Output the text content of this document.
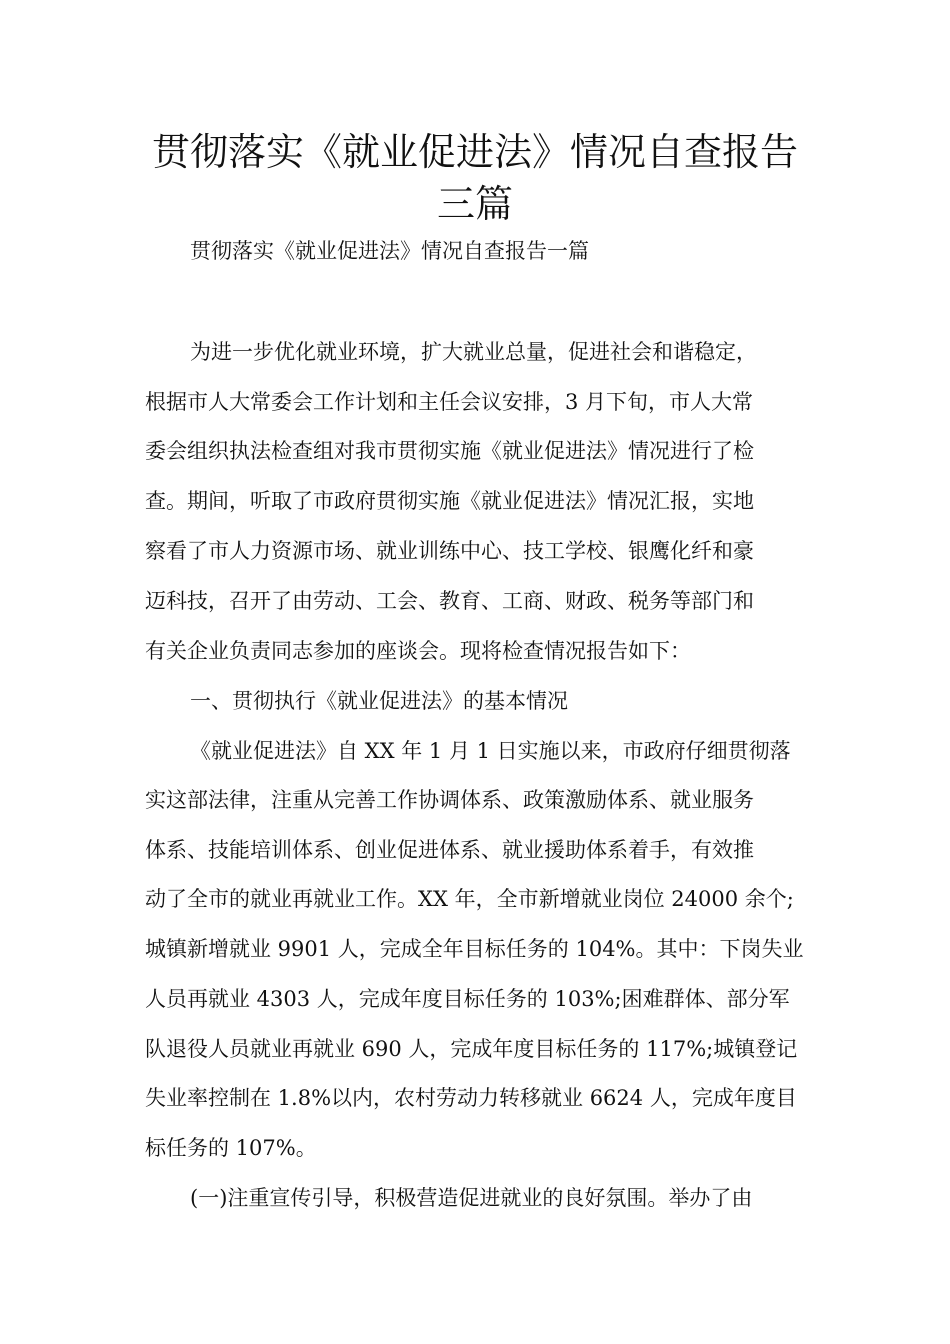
贯彻落实《就业促进法》情况自查报告
三篇
贯彻落实《就业促进法》情况自查报告一篇
为进一步优化就业环境，扩大就业总量，促进社会和谐稳定，
根据市人大常委会工作计划和主任会议安排，3 月下旬，市人大常
委会组织执法检查组对我市贯彻实施《就业促进法》情况进行了检
查。期间，听取了市政府贯彻实施《就业促进法》情况汇报，实地
察看了市人力资源市场、就业训练中心、技工学校、银鹰化纤和豪
迈科技，召开了由劳动、工会、教育、工商、财政、税务等部门和
有关企业负责同志参加的座谈会。现将检查情况报告如下：
一、贯彻执行《就业促进法》的基本情况
《就业促进法》自 XX 年 1 月 1 日实施以来，市政府仔细贯彻落
实这部法律，注重从完善工作协调体系、政策激励体系、就业服务
体系、技能培训体系、创业促进体系、就业援助体系着手，有效推
动了全市的就业再就业工作。XX 年，全市新增就业岗位 24000 余个;
城镇新增就业 9901 人，完成全年目标任务的 104%。其中：下岗失业
人员再就业 4303 人，完成年度目标任务的 103%;困难群体、部分军
队退役人员就业再就业 690 人，完成年度目标任务的 117%;城镇登记
失业率控制在 1.8%以内，农村劳动力转移就业 6624 人，完成年度目
标任务的 107%。
(一)注重宣传引导，积极营造促进就业的良好氛围。举办了由
